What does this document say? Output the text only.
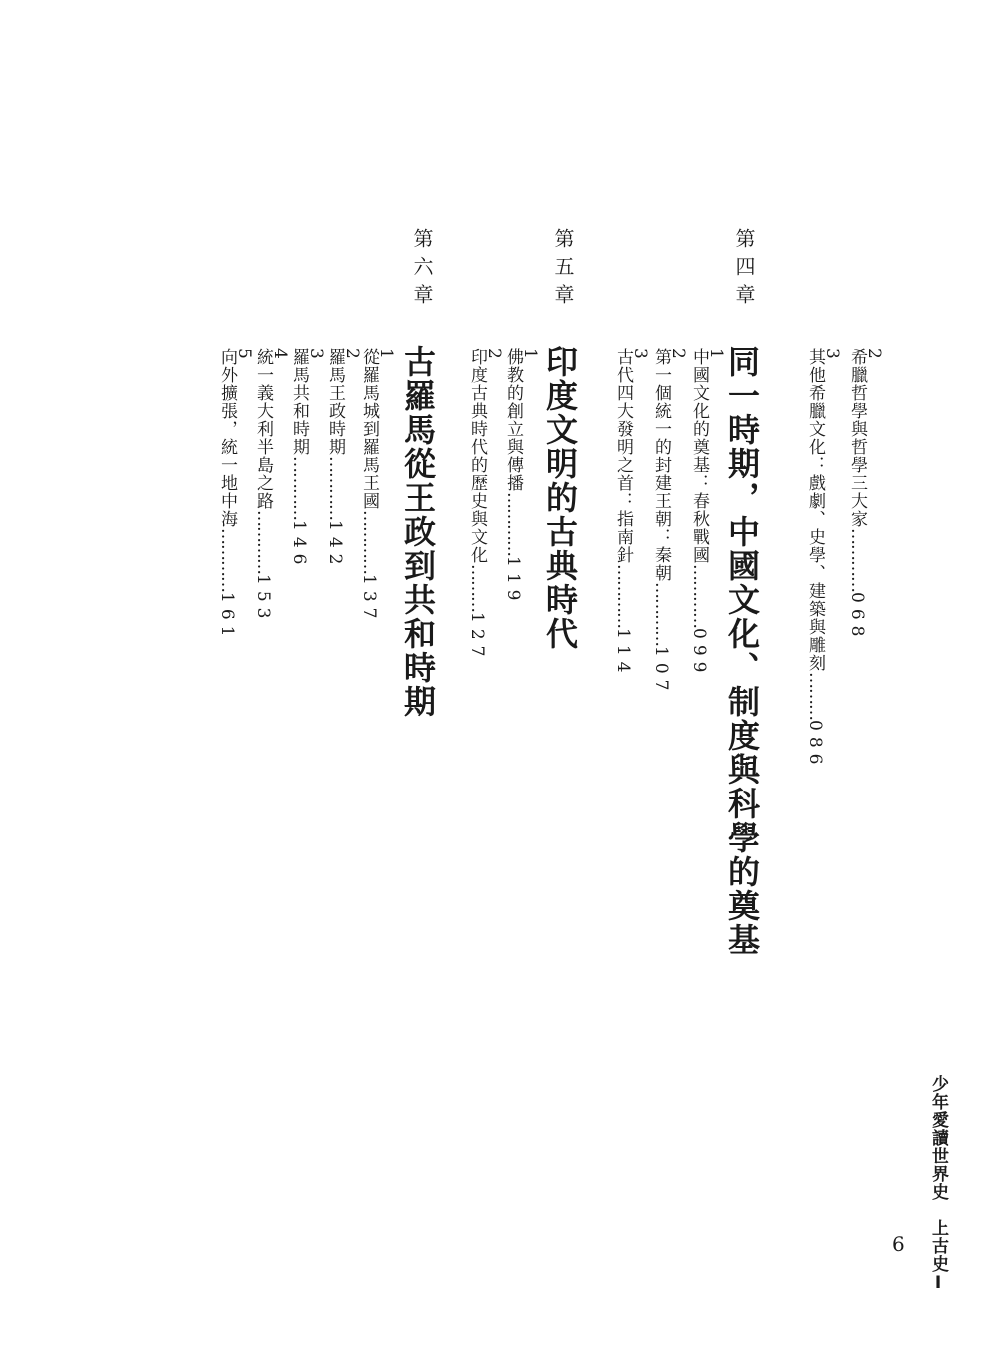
2
希臘哲學與哲學三大家…………068
3
其他希臘文化：戲劇、史學、建築與雕刻………086
第四章
同一時期，中國文化、制度與科學的奠基
1
中國文化的奠基：春秋戰國…………099
2
第一個統一的封建王朝：秦朝…………107
3
古代四大發明之首：指南針…………114
第五章
印度文明的古典時代
1
佛教的創立與傳播…………119
2
印度古典時代的歷史與文化………127
第六章
古羅馬從王政到共和時期
1
從羅馬城到羅馬王國…………137
2
羅馬王政時期…………142
3
羅馬共和時期…………146
4
統一義大利半島之路…………153
5
向外擴張，統一地中海…………161
少年愛讀世界史　上古史Ⅰ
6
